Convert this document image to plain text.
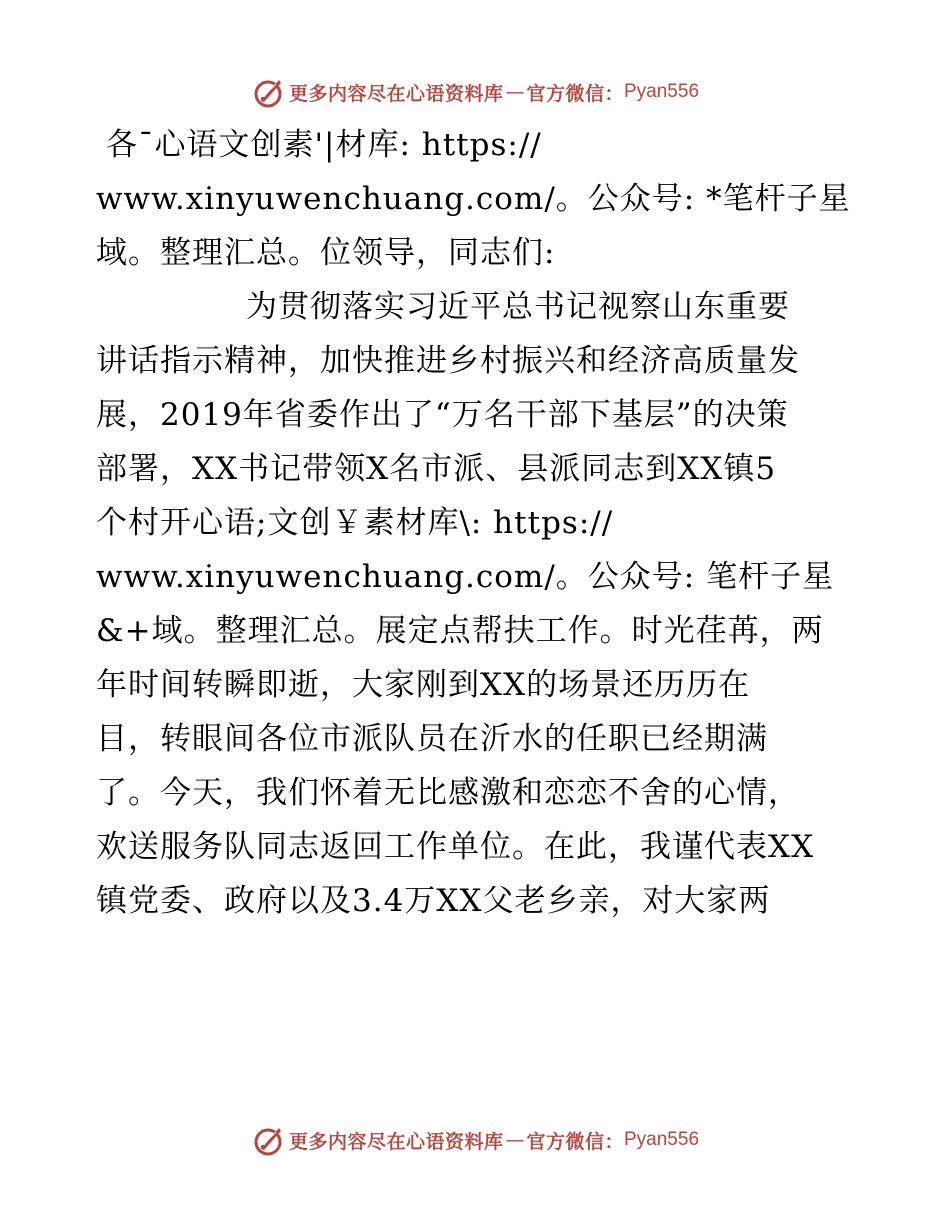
更多内容尽在心语资料库 — 官方微信： Pyan556
各¯心语文创素'|材库: https://
www.xinyuwenchuang.com/。公众号: *笔杆子星
域。整理汇总。位领导，同志们:
为贯彻落实习近平总书记视察山东重要
讲话指示精神，加快推进乡村振兴和经济高质量发
展，2019年省委作出了“万名干部下基层”的决策
部署，XX书记带领X名市派、县派同志到XX镇5
个村开心语;文创￥素材库\: https://
www.xinyuwenchuang.com/。公众号: 笔杆子星
&+域。整理汇总。展定点帮扶工作。时光荏苒，两
年时间转瞬即逝，大家刚到XX的场景还历历在
目，转眼间各位市派队员在沂水的任职已经期满
了。今天，我们怀着无比感激和恋恋不舍的心情，
欢送服务队同志返回工作单位。在此，我谨代表XX
镇党委、政府以及3.4万XX父老乡亲，对大家两
更多内容尽在心语资料库 — 官方微信： Pyan556
